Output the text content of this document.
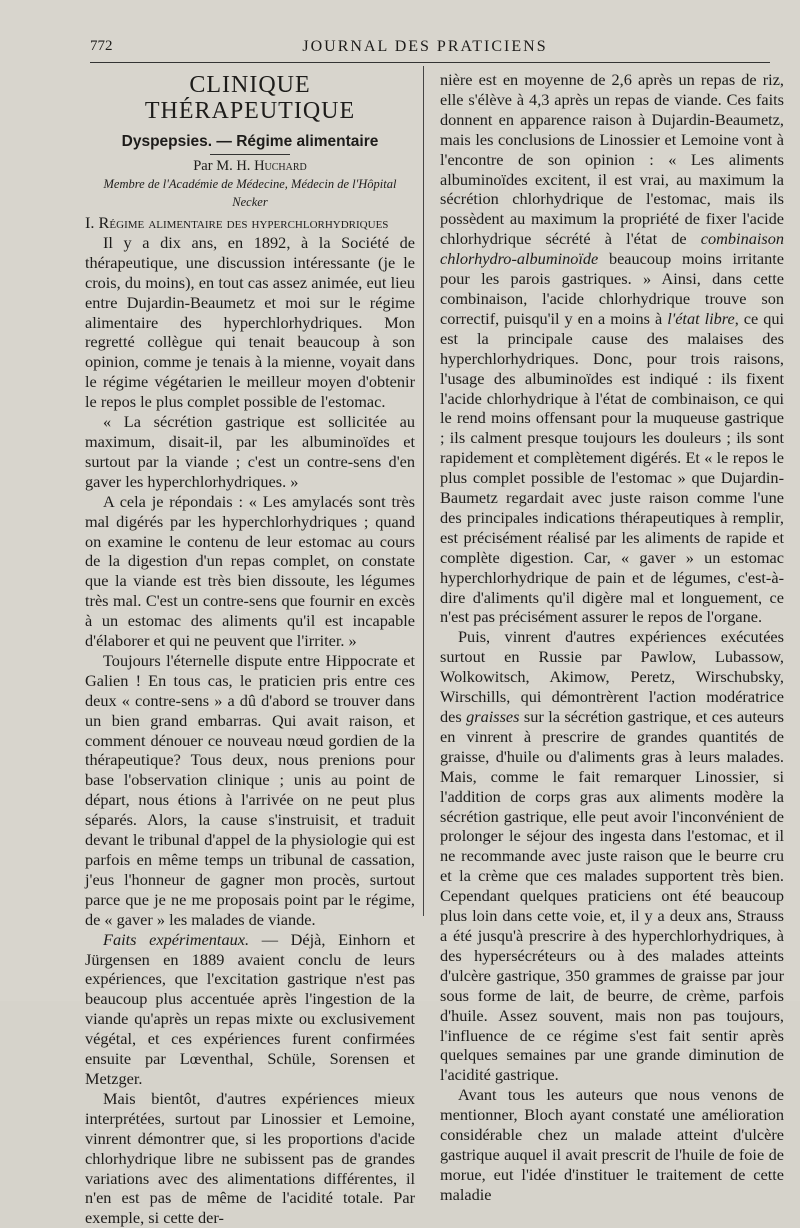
772	JOURNAL DES PRATICIENS
CLINIQUE THÉRAPEUTIQUE
Dyspepsies. — Régime alimentaire
Par M. H. Huchard
Membre de l'Académie de Médecine, Médecin de l'Hôpital Necker

I. Régime alimentaire des hyperchlorhydriques

Il y a dix ans, en 1892, à la Société de thérapeutique, une discussion intéressante (je le crois, du moins), en tout cas assez animée, eut lieu entre Dujardin-Beaumetz et moi sur le régime alimentaire des hyperchlorhydriques. Mon regretté collègue qui tenait beaucoup à son opinion, comme je tenais à la mienne, voyait dans le régime végétarien le meilleur moyen d'obtenir le repos le plus complet possible de l'estomac.

« La sécrétion gastrique est sollicitée au maximum, disait-il, par les albuminoïdes et surtout par la viande ; c'est un contre-sens d'en gaver les hyperchlorhydriques. »

A cela je répondais : « Les amylacés sont très mal digérés par les hyperchlorhydriques ; quand on examine le contenu de leur estomac au cours de la digestion d'un repas complet, on constate que la viande est très bien dissoute, les légumes très mal. C'est un contre-sens que fournir en excès à un estomac des aliments qu'il est incapable d'élaborer et qui ne peuvent que l'irriter. »

Toujours l'éternelle dispute entre Hippocrate et Galien ! En tous cas, le praticien pris entre ces deux « contre-sens » a dû d'abord se trouver dans un bien grand embarras. Qui avait raison, et comment dénouer ce nouveau nœud gordien de la thérapeutique? Tous deux, nous prenions pour base l'observation clinique ; unis au point de départ, nous étions à l'arrivée on ne peut plus séparés. Alors, la cause s'instruisit, et traduit devant le tribunal d'appel de la physiologie qui est parfois en même temps un tribunal de cassation, j'eus l'honneur de gagner mon procès, surtout parce que je ne me proposais point par le régime, de « gaver » les malades de viande.

Faits expérimentaux. — Déjà, Einhorn et Jürgensen en 1889 avaient conclu de leurs expériences, que l'excitation gastrique n'est pas beaucoup plus accentuée après l'ingestion de la viande qu'après un repas mixte ou exclusivement végétal, et ces expériences furent confirmées ensuite par Lœventhal, Schüle, Sorensen et Metzger.

Mais bientôt, d'autres expériences mieux interprétées, surtout par Linossier et Lemoine, vinrent démontrer que, si les proportions d'acide chlorhydrique libre ne subissent pas de grandes variations avec des alimentations différentes, il n'en est pas de même de l'acidité totale. Par exemple, si cette der-

nière est en moyenne de 2,6 après un repas de riz, elle s'élève à 4,3 après un repas de viande. Ces faits donnent en apparence raison à Dujardin-Beaumetz, mais les conclusions de Linossier et Lemoine vont à l'encontre de son opinion : « Les aliments albuminoïdes excitent, il est vrai, au maximum la sécrétion chlorhydrique de l'estomac, mais ils possèdent au maximum la propriété de fixer l'acide chlorhydrique sécrété à l'état de combinaison chlorhydro-albuminoïde beaucoup moins irritante pour les parois gastriques. » Ainsi, dans cette combinaison, l'acide chlorhydrique trouve son correctif, puisqu'il y en a moins à l'état libre, ce qui est la principale cause des malaises des hyperchlorhydriques. Donc, pour trois raisons, l'usage des albuminoïdes est indiqué : ils fixent l'acide chlorhydrique à l'état de combinaison, ce qui le rend moins offensant pour la muqueuse gastrique ; ils calment presque toujours les douleurs ; ils sont rapidement et complètement digérés. Et « le repos le plus complet possible de l'estomac » que Dujardin-Baumetz regardait avec juste raison comme l'une des principales indications thérapeutiques à remplir, est précisément réalisé par les aliments de rapide et complète digestion. Car, « gaver » un estomac hyperchlorhydrique de pain et de légumes, c'est-à-dire d'aliments qu'il digère mal et longuement, ce n'est pas précisément assurer le repos de l'organe.

Puis, vinrent d'autres expériences exécutées surtout en Russie par Pawlow, Lubassow, Wolkowitsch, Akimow, Peretz, Wirschubsky, Wirschills, qui démontrèrent l'action modératrice des graisses sur la sécrétion gastrique, et ces auteurs en vinrent à prescrire de grandes quantités de graisse, d'huile ou d'aliments gras à leurs malades. Mais, comme le fait remarquer Linossier, si l'addition de corps gras aux aliments modère la sécrétion gastrique, elle peut avoir l'inconvénient de prolonger le séjour des ingesta dans l'estomac, et il ne recommande avec juste raison que le beurre cru et la crème que ces malades supportent très bien. Cependant quelques praticiens ont été beaucoup plus loin dans cette voie, et, il y a deux ans, Strauss a été jusqu'à prescrire à des hyperchlorhydriques, à des hypersécréteurs ou à des malades atteints d'ulcère gastrique, 350 grammes de graisse par jour sous forme de lait, de beurre, de crème, parfois d'huile. Assez souvent, mais non pas toujours, l'influence de ce régime s'est fait sentir après quelques semaines par une grande diminution de l'acidité gastrique.

Avant tous les auteurs que nous venons de mentionner, Bloch ayant constaté une amélioration considérable chez un malade atteint d'ulcère gastrique auquel il avait prescrit de l'huile de foie de morue, eut l'idée d'instituer le traitement de cette maladie
